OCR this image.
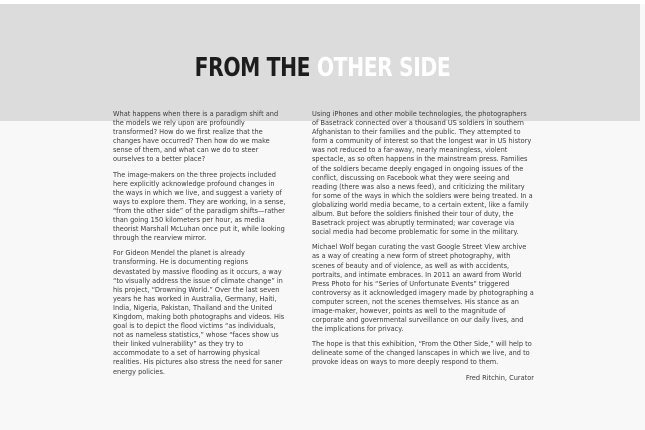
FROM THE OTHER SIDE

What happens when there is a paradigm shift and the models we rely upon are profoundly transformed? How do we first realize that the changes have occurred? Then how do we make sense of them, and what can we do to steer ourselves to a better place?

The image-makers on the three projects included here explicitly acknowledge profound changes in the ways in which we live, and suggest a variety of ways to explore them. They are working, in a sense, “from the other side” of the paradigm shifts—rather than going 150 kilometers per hour, as media theorist Marshall McLuhan once put it, while looking through the rearview mirror.

For Gideon Mendel the planet is already transforming. He is documenting regions devastated by massive flooding as it occurs, a way “to visually address the issue of climate change” in his project, “Drowning World.” Over the last seven years he has worked in Australia, Germany, Haiti, India, Nigeria, Pakistan, Thailand and the United Kingdom, making both photographs and videos. His goal is to depict the flood victims “as individuals, not as nameless statistics,” whose “faces show us their linked vulnerability” as they try to accommodate to a set of harrowing physical realities. His pictures also stress the need for saner energy policies.

Using iPhones and other mobile technologies, the photographers of Basetrack connected over a thousand US soldiers in southern Afghanistan to their families and the public. They attempted to form a community of interest so that the longest war in US history was not reduced to a far-away, nearly meaningless, violent spectacle, as so often happens in the mainstream press. Families of the soldiers became deeply engaged in ongoing issues of the conflict, discussing on Facebook what they were seeing and reading (there was also a news feed), and criticizing the military for some of the ways in which the soldiers were being treated. In a globalizing world media became, to a certain extent, like a family album. But before the soldiers finished their tour of duty, the Basetrack project was abruptly terminated; war coverage via social media had become problematic for some in the military.

Michael Wolf began curating the vast Google Street View archive as a way of creating a new form of street photography, with scenes of beauty and of violence, as well as with accidents, portraits, and intimate embraces. In 2011 an award from World Press Photo for his “Series of Unfortunate Events” triggered controversy as it acknowledged imagery made by photographing a computer screen, not the scenes themselves. His stance as an image-maker, however, points as well to the magnitude of corporate and governmental surveillance on our daily lives, and the implications for privacy.

The hope is that this exhibition, “From the Other Side,” will help to delineate some of the changed lanscapes in which we live, and to provoke ideas on ways to more deeply respond to them.

Fred Ritchin, Curator
